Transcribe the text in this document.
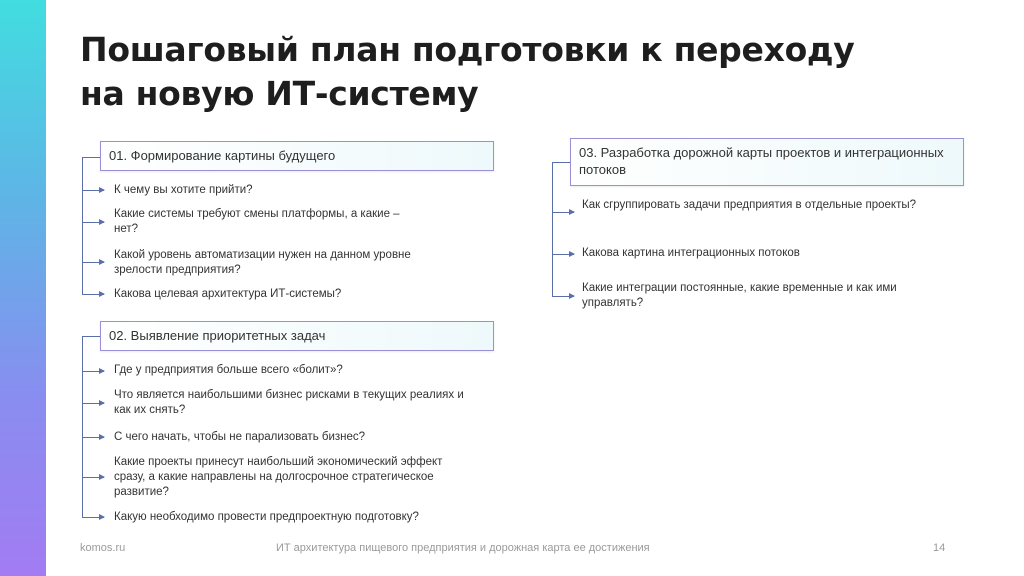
Пошаговый план подготовки к переходу
на новую ИТ-систему
01. Формирование картины будущего
К чему вы хотите прийти?
Какие системы требуют смены платформы, а какие – нет?
Какой уровень автоматизации нужен на данном уровне зрелости предприятия?
Какова целевая архитектура ИТ-системы?
02. Выявление приоритетных задач
Где у предприятия больше всего «болит»?
Что является наибольшими бизнес рисками в текущих реалиях и как их снять?
С чего начать, чтобы не парализовать бизнес?
Какие проекты принесут наибольший экономический эффект сразу, а какие направлены на долгосрочное стратегическое развитие?
Какую необходимо провести предпроектную подготовку?
03. Разработка дорожной карты проектов и интеграционных потоков
Как сгруппировать задачи предприятия в отдельные проекты?
Какова картина интеграционных потоков
Какие интеграции постоянные, какие временные и как ими управлять?
komos.ru	ИТ архитектура пищевого предприятия и дорожная карта ее достижения	14
